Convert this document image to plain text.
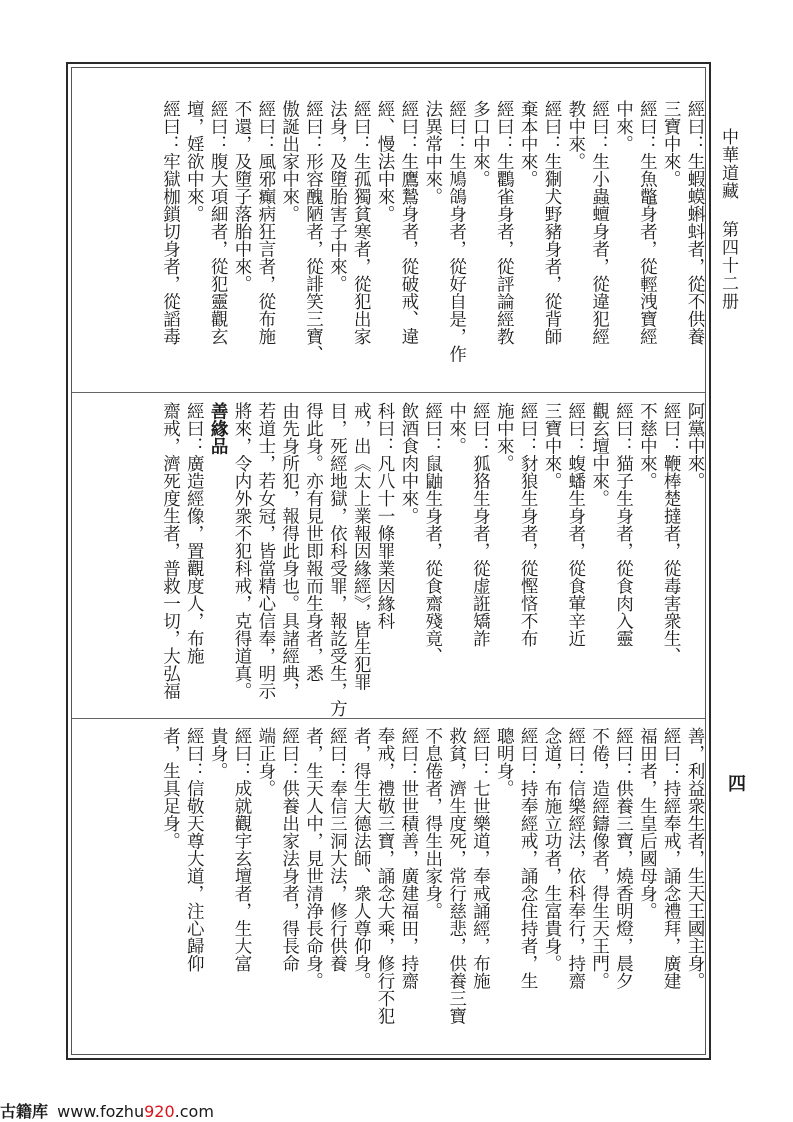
中華道藏 第四十二册
四
經曰：生蝦蟆蝌蚪者，從不供養
三寶中來。
經曰：生魚鼈身者，從輕洩寶經
中來。
經曰：生小蟲蟺身者，從違犯經
教中來。
經曰：生猘犬野豬身者，從背師
棄本中來。
經曰：生鸜雀身者，從評論經教
多口中來。
經曰：生鳩鴿身者，從好自是，作
法異常中來。
經曰：生鷹鷙身者，從破戒、違
經、慢法中來。
經曰：生孤獨貧寒者，從犯出家
法身，及墮胎害子中來。
經曰：形容醜陋者，從誹笑三寶、
傲誕出家中來。
經曰：風邪癲病狂言者，從布施
不還，及墮子落胎中來。
經曰：腹大項細者，從犯靈觀玄
壇，婬欲中來。
經曰：牢獄枷鎖切身者，從謟毒
阿黨中來。
經曰：鞭棒楚撻者，從毒害衆生、
不慈中來。
經曰：猫子生身者，從食肉入靈
觀玄壇中來。
經曰：蝮蟠生身者，從食葷辛近
三寶中來。
經曰：豺狼生身者，從慳悋不布
施中來。
經曰：狐狢生身者，從虚誑矯詐
中來。
經曰：鼠鼬生身者，從食齋殘竟、
飲酒食肉中來。
科曰：凡八十一條罪業因緣科
戒，出《太上業報因緣經》，皆生犯罪
目，死經地獄，依科受罪，報訖受生，方
得此身。亦有見世即報而生身者，悉
由先身所犯，報得此身也。具諸經典，
若道士，若女冠，皆當精心信奉，明示
將來，令内外衆不犯科戒，克得道真。
善緣品
經曰：廣造經像，置觀度人，布施
齋戒，濟死度生者，普救一切，大弘福
善，利益衆生者，生天王國主身。
經曰：持經奉戒，誦念禮拜，廣建
福田者，生皇后國母身。
經曰：供養三寶，燒香明燈，晨夕
不倦，造經鑄像者，得生天王門。
經曰：信樂經法，依科奉行，持齋
念道，布施立功者，生富貴身。
經曰：持奉經戒，誦念住持者，生
聰明身。
經曰：七世樂道，奉戒誦經，布施
救貧，濟生度死，常行慈悲，供養三寶
不息倦者，得生出家身。
經曰：世世積善，廣建福田，持齋
奉戒，禮敬三寶，誦念大乘，修行不犯
者，得生大德法師、衆人尊仰身。
經曰：奉信三洞大法，修行供養
者，生天人中，見世清浄長命身。
經曰：供養出家法身者，得長命
端正身。
經曰：成就觀宇玄壇者，生大富
貴身。
經曰：信敬天尊大道，注心歸仰
者，生具足身。
古籍库 www.fozhu920.com
